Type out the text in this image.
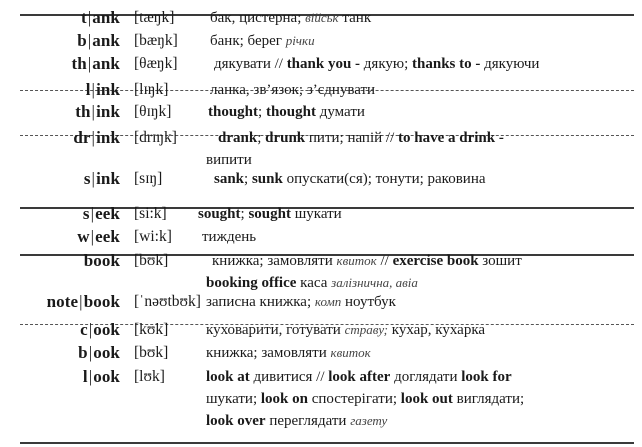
t|ank [tæŋk] бак, цистерна; військ танк
b|ank [bæŋk] банк; берег річки
th|ank [θæŋk] дякувати // thank you - дякую; thanks to - дякуючи
l|ink [lɪŋk]	ланка, зв’язок; з’єднувати
th|ink [θɪŋk] thought; thought думати
dr|ink [drɪŋk]	drank; drunk пити; напій // to have a drink -
випити
s|ink [sɪŋ]	sank; sunk опускати(ся); тонути; раковина
s|eek [si:k] sought; sought шукати
w|eek [wi:k] тиждень
book [bʊk]	книжка; замовляти квиток // exercise book зошит
booking office каса залізнична, авіа
note|book [ˈnəʊtbʊk] записна книжка; комп ноутбук
c|ook [kʊk]	куховарити, готувати страву; кухар, кухарка
b|ook [bʊk]	книжка; замовляти квиток
l|ook [lʊk]	look at дивитися // look after доглядати look for
шукати; look on спостерігати; look out виглядати;
look over переглядати газету
